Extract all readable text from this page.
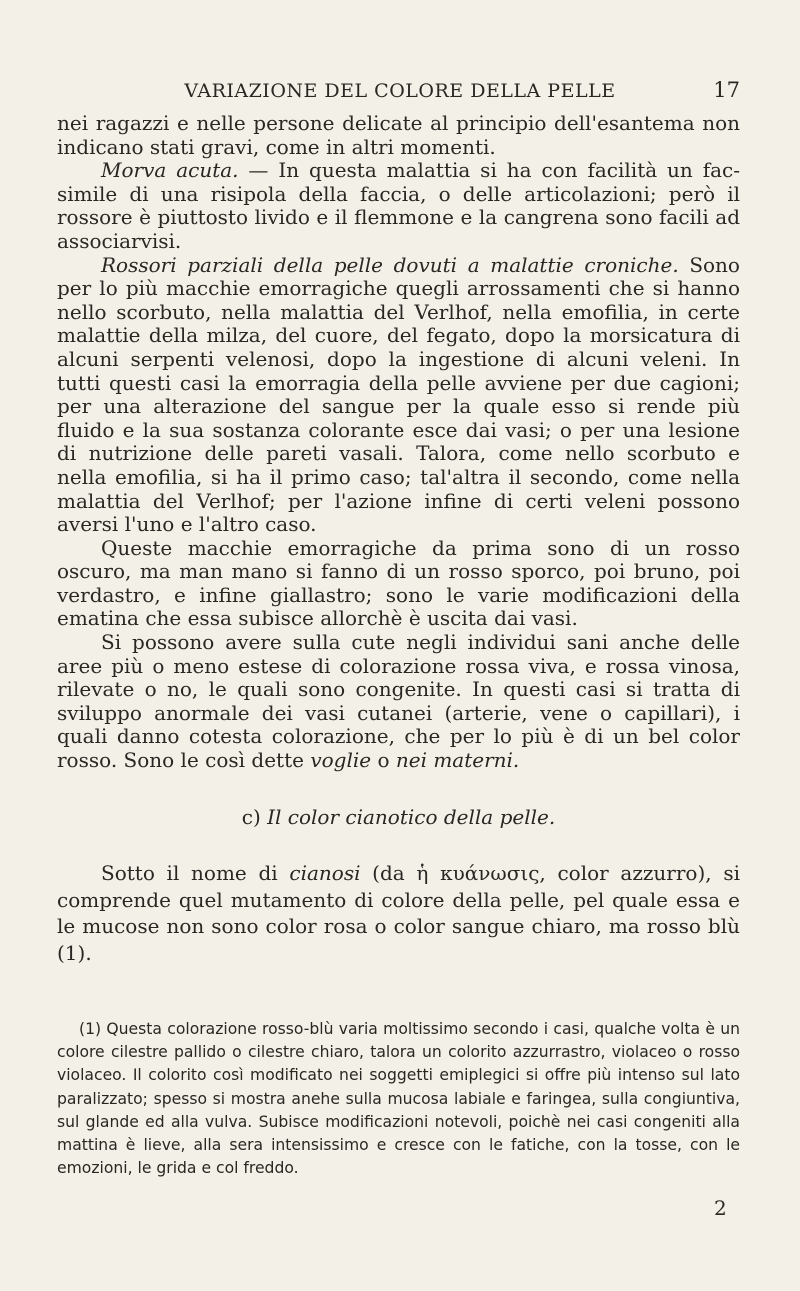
VARIAZIONE DEL COLORE DELLA PELLE	17

nei ragazzi e nelle persone delicate al principio dell'esantema non indicano stati gravi, come in altri momenti.

Morva acuta. — In questa malattia si ha con facilità un fac-simile di una risipola della faccia, o delle articolazioni; però il rossore è piuttosto livido e il flemmone e la cangrena sono facili ad associarvisi.

Rossori parziali della pelle dovuti a malattie croniche. Sono per lo più macchie emorragiche quegli arrossamenti che si hanno nello scorbuto, nella malattia del Verlhof, nella emofilia, in certe malattie della milza, del cuore, del fegato, dopo la morsicatura di alcuni serpenti velenosi, dopo la ingestione di alcuni veleni. In tutti questi casi la emorragia della pelle avviene per due cagioni; per una alterazione del sangue per la quale esso si rende più fluido e la sua sostanza colorante esce dai vasi; o per una lesione di nutrizione delle pareti vasali. Talora, come nello scorbuto e nella emofilia, si ha il primo caso; tal'altra il secondo, come nella malattia del Verlhof; per l'azione infine di certi veleni possono aversi l'uno e l'altro caso.

Queste macchie emorragiche da prima sono di un rosso oscuro, ma man mano si fanno di un rosso sporco, poi bruno, poi verdastro, e infine giallastro; sono le varie modificazioni della ematina che essa subisce allorchè è uscita dai vasi.

Si possono avere sulla cute negli individui sani anche delle aree più o meno estese di colorazione rossa viva, e rossa vinosa, rilevate o no, le quali sono congenite. In questi casi si tratta di sviluppo anormale dei vasi cutanei (arterie, vene o capillari), i quali danno cotesta colorazione, che per lo più è di un bel color rosso. Sono le così dette voglie o nei materni.

c) Il color cianotico della pelle.

Sotto il nome di cianosi (da ἡ κυάνωσις, color azzurro), si comprende quel mutamento di colore della pelle, pel quale essa e le mucose non sono color rosa o color sangue chiaro, ma rosso blù (1).

(1) Questa colorazione rosso-blù varia moltissimo secondo i casi, qualche volta è un colore cilestre pallido o cilestre chiaro, talora un colorito azzurrastro, violaceo o rosso violaceo. Il colorito così modificato nei soggetti emiplegici si offre più intenso sul lato paralizzato; spesso si mostra anehe sulla mucosa labiale e faringea, sulla congiuntiva, sul glande ed alla vulva. Subisce modificazioni notevoli, poichè nei casi congeniti alla mattina è lieve, alla sera intensissimo e cresce con le fatiche, con la tosse, con le emozioni, le grida e col freddo.

2
